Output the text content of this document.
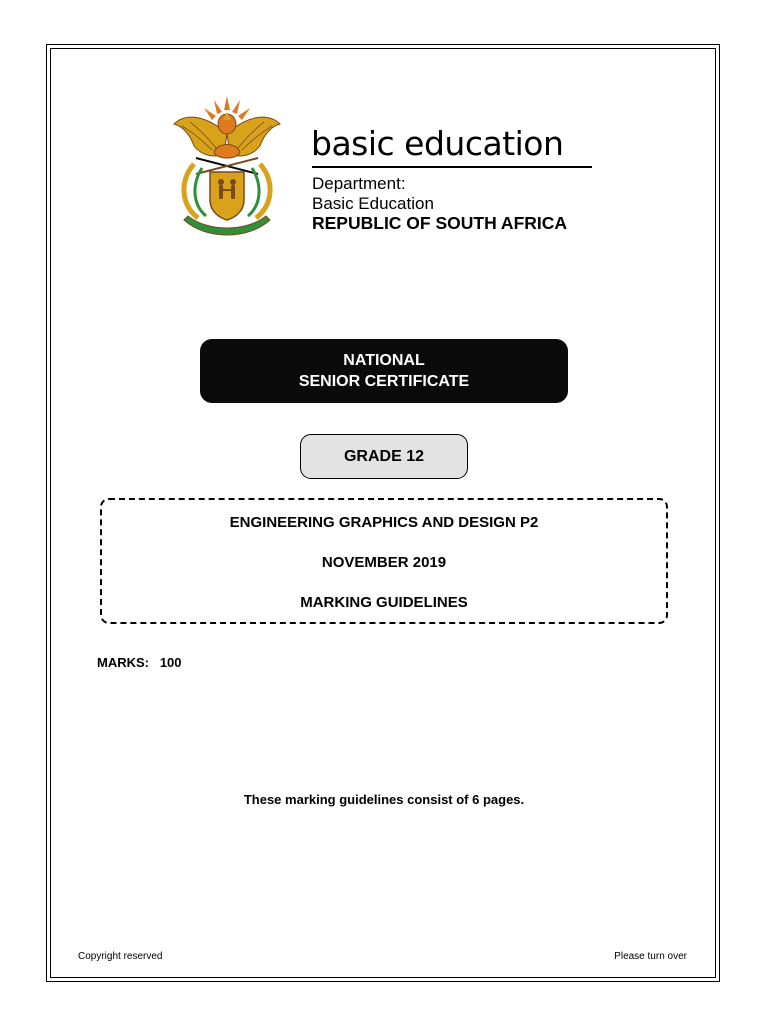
basic education
Department:
Basic Education
REPUBLIC OF SOUTH AFRICA
NATIONAL
SENIOR CERTIFICATE
GRADE 12
ENGINEERING GRAPHICS AND DESIGN P2
NOVEMBER 2019
MARKING GUIDELINES
MARKS:   100
These marking guidelines consist of 6 pages.
Copyright reserved	Please turn over
